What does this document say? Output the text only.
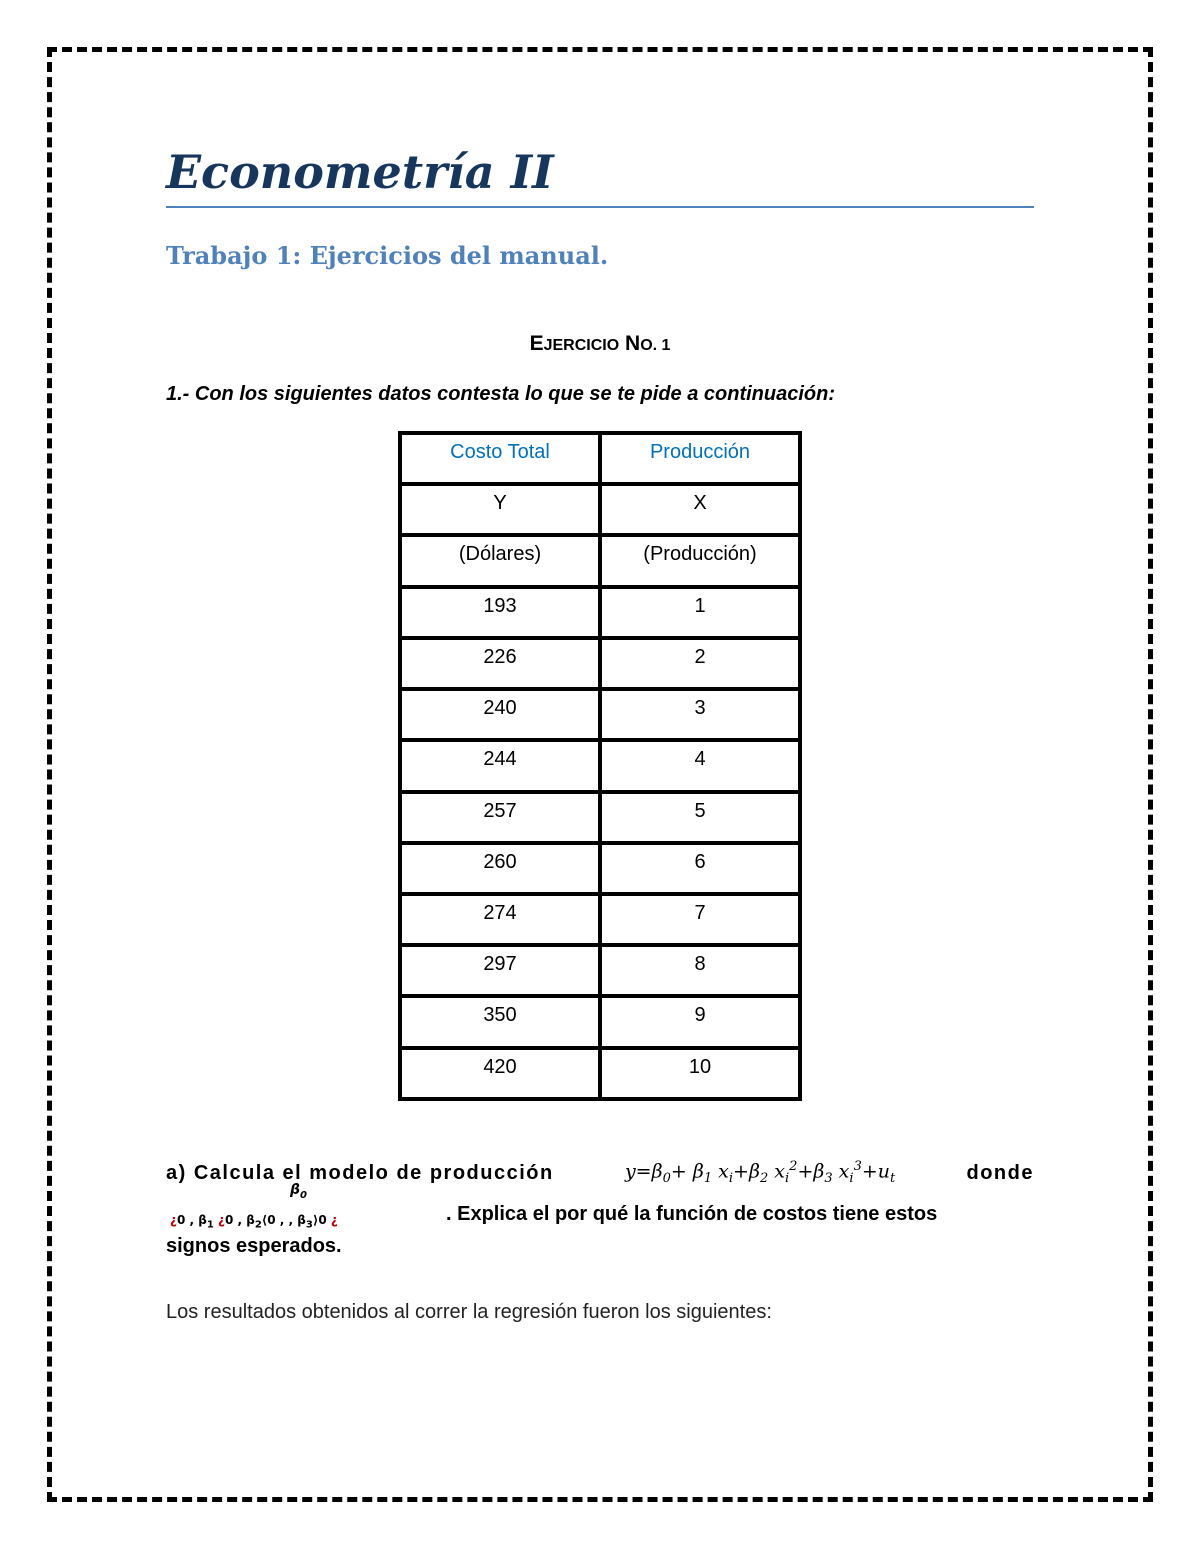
Econometría II
Trabajo 1: Ejercicios del manual.

EJERCICIO NO. 1

1.- Con los siguientes datos contesta lo que se te pide a continuación:

Costo Total	Producción
Y	X
(Dólares)	(Producción)
193	1
226	2
240	3
244	4
257	5
260	6
274	7
297	8
350	9
420	10
a) Calcula el modelo de producción	$y=\beta_0+ \beta_1$ $x_i+\beta_2$ $x_i^2+\beta_3$ $x_i^3+u_t$	donde
$\beta_0$
¿0 , $\beta_1$ ¿0 , $\beta_2⟨0$ , , $\beta_3⟩0$ ¿	. Explica el por qué la función de costos tiene estos
signos esperados.

Los resultados obtenidos al correr la regresión fueron los siguientes:
